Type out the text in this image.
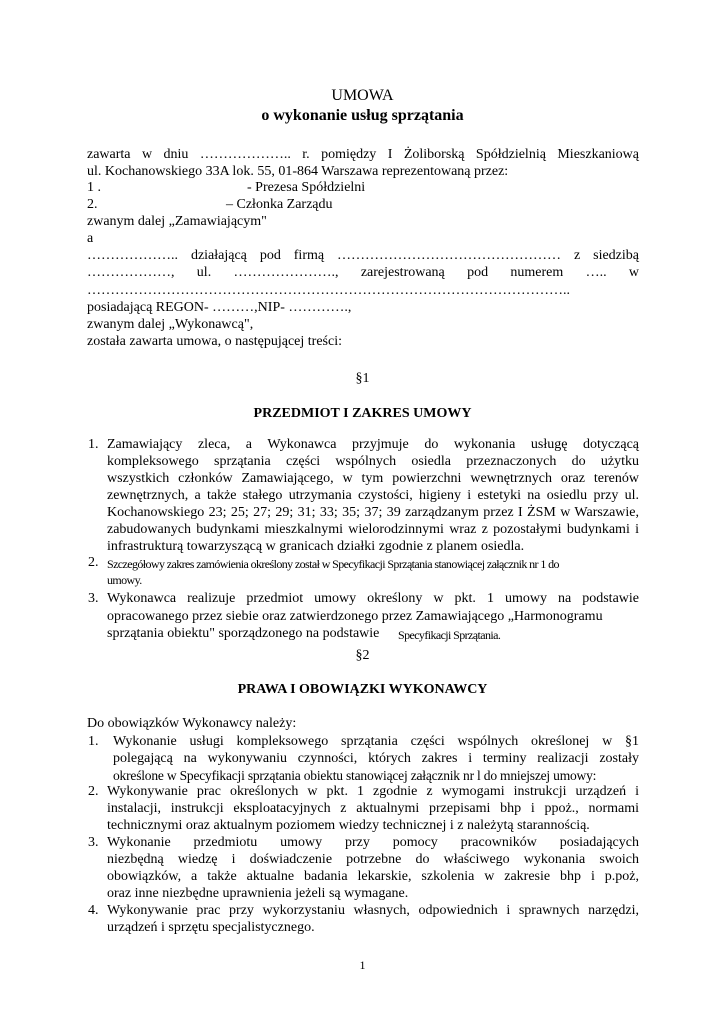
UMOWA
o wykonanie usług sprzątania
zawarta w dniu ……………….. r. pomiędzy I Żoliborską Spółdzielnią Mieszkaniową
ul. Kochanowskiego 33A lok. 55, 01-864 Warszawa reprezentowaną przez:
1 .	- Prezesa Spółdzielni
2.	– Członka Zarządu
zwanym dalej „Zamawiającym"
a
……………….. działającą pod firmą ………………………………………… z siedzibą
………………, ul. …………………., zarejestrowaną pod numerem ….. w
…………………………………………………………………………………………..
posiadającą REGON- ………,NIP- ………….,
zwanym dalej „Wykonawcą",
została zawarta umowa, o następującej treści:
§1
PRZEDMIOT I ZAKRES UMOWY
1. Zamawiający zleca, a Wykonawca przyjmuje do wykonania usługę dotyczącą
kompleksowego sprzątania części wspólnych osiedla przeznaczonych do użytku
wszystkich członków Zamawiającego, w tym powierzchni wewnętrznych oraz terenów
zewnętrznych, a także stałego utrzymania czystości, higieny i estetyki na osiedlu przy ul.
Kochanowskiego 23; 25; 27; 29; 31; 33; 35; 37; 39 zarządzanym przez I ŻSM w Warszawie,
zabudowanych budynkami mieszkalnymi wielorodzinnymi wraz z pozostałymi budynkami i
infrastrukturą towarzyszącą w granicach działki zgodnie z planem osiedla.
2. Szczegółowy zakres zamówienia określony został w Specyfikacji Sprzątania stanowiącej załącznik nr 1 do
umowy.
3. Wykonawca realizuje przedmiot umowy określony w pkt. 1 umowy na podstawie
opracowanego przez siebie oraz zatwierdzonego przez Zamawiającego „Harmonogramu
sprzątania obiektu" sporządzonego na podstawie Specyfikacji Sprzątania.
§2
PRAWA I OBOWIĄZKI WYKONAWCY
Do obowiązków Wykonawcy należy:
1. Wykonanie usługi kompleksowego sprzątania części wspólnych określonej w §1
polegającą na wykonywaniu czynności, których zakres i terminy realizacji zostały
określone w Specyfikacji sprzątania obiektu stanowiącej załącznik nr l do mniejszej umowy:
2. Wykonywanie prac określonych w pkt. 1 zgodnie z wymogami instrukcji urządzeń i
instalacji, instrukcji eksploatacyjnych z aktualnymi przepisami bhp i ppoż., normami
technicznymi oraz aktualnym poziomem wiedzy technicznej i z należytą starannością.
3. Wykonanie przedmiotu umowy przy pomocy pracowników posiadających
niezbędną wiedzę i doświadczenie potrzebne do właściwego wykonania swoich
obowiązków, a także aktualne badania lekarskie, szkolenia w zakresie bhp i p.poż,
oraz inne niezbędne uprawnienia jeżeli są wymagane.
4. Wykonywanie prac przy wykorzystaniu własnych, odpowiednich i sprawnych narzędzi,
urządzeń i sprzętu specjalistycznego.
1
